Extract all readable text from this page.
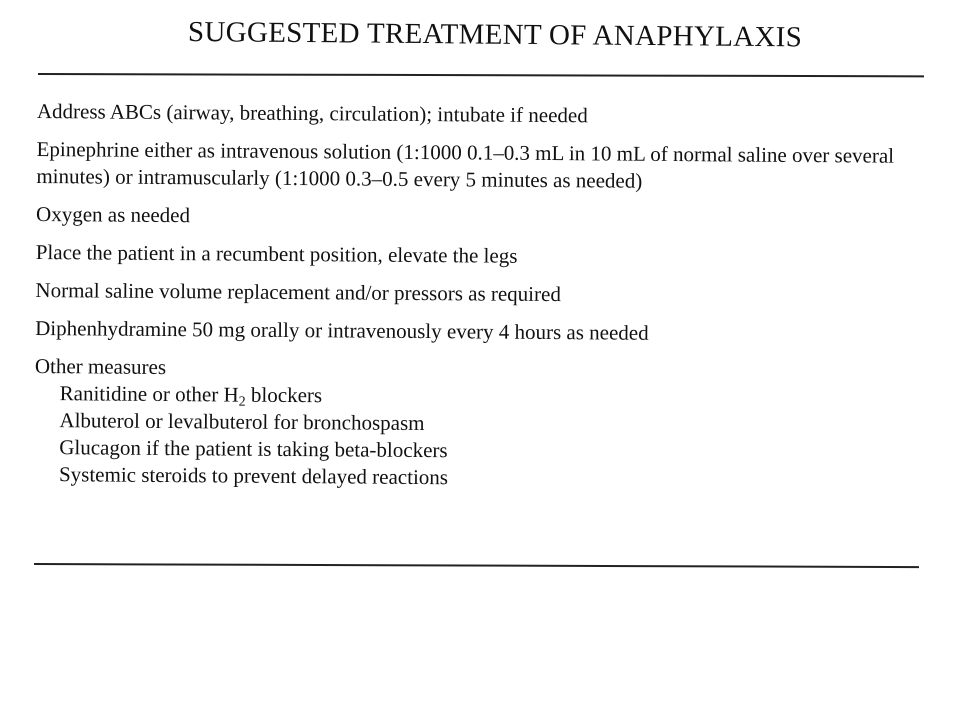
SUGGESTED TREATMENT OF ANAPHYLAXIS
Address ABCs (airway, breathing, circulation); intubate if needed
Epinephrine either as intravenous solution (1:1000 0.1–0.3 mL in 10 mL of normal saline over several minutes) or intramuscularly (1:1000 0.3–0.5 every 5 minutes as needed)
Oxygen as needed
Place the patient in a recumbent position, elevate the legs
Normal saline volume replacement and/or pressors as required
Diphenhydramine 50 mg orally or intravenously every 4 hours as needed
Other measures
Ranitidine or other $H_2$ blockers
Albuterol or levalbuterol for bronchospasm
Glucagon if the patient is taking beta-blockers
Systemic steroids to prevent delayed reactions
